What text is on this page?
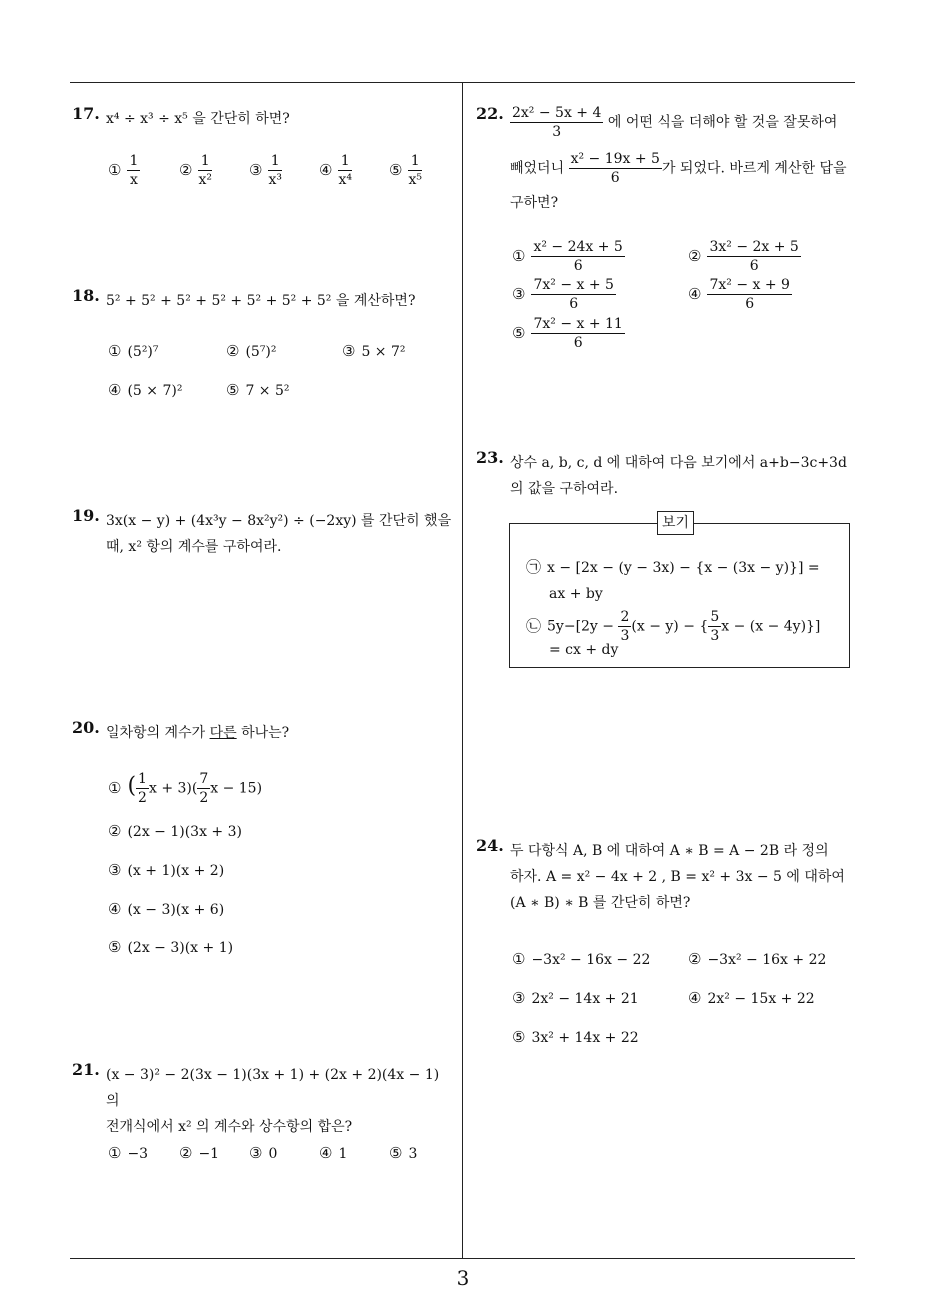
3
17. x⁴ ÷ x³ ÷ x⁵ 을 간단히 하면?
① $\frac{1}{x}$	② $\frac{1}{\text{x²}}$ ③ $\frac{1}{\text{x³}}$ ④ $\frac{1}{\text{x⁴}}$ ⑤ $\frac{1}{\text{x⁵}}$
18. 5² + 5² + 5² + 5² + 5² + 5² + 5² 을 계산하면?
① (5²)⁷	② (5⁷)²	③ 5 × 7²
④ (5 × 7)²	⑤ 7 × 5²
19. 3x(x − y) + (4x³y − 8x²y²) ÷ (−2xy) 를 간단히 했을
때, x² 항의 계수를 구하여라.
20. 일차항의 계수가 다른 하나는?
① ( $\frac{1}{2}$ $x + 3)( \frac{7}{2}$ x − 15)
② (2x − 1)(3x + 3)
③ (x + 1)(x + 2)
④ (x − 3)(x + 6)
⑤ (2x − 3)(x + 1)
21. (x − 3)² − 2(3x − 1)(3x + 1) + (2x + 2)(4x − 1) 의
전개식에서 x² 의 계수와 상수항의 합은?
① −3 ② −1 ③ 0	④ 1	⑤ 3
22. $\frac{\text{2x² − 5x + 4}}{3}$ 에 어떤 식을 더해야 할 것을 잘못하여
빼었더니 $\frac{\text{x² − 19x + 5}}{6}$ 가 되었다. 바르게 계산한 답을
구하면?
① $\frac{\text{x² − 24x + 5}}{6}$	② $\frac{\text{3x² − 2x + 5}}{6}$
③ $\frac{\text{7x² − x + 5}}{6}$	④ $\frac{\text{7x² − x + 9}}{6}$
⑤ $\frac{\text{7x² − x + 11}}{6}$
23. 상수 a, b, c, d 에 대하여 다음 보기에서 a+b−3c+3d
의 값을 구하여라.
㉠ x − [2x − (y − 3x) − {x − (3x − y)}] =
ax + by
㉡ $5y-[2y - \frac{2}{3} (x - y)$ − { $\frac{5}{3}$ x − (x − 4y)}]
= cx + dy
보기
24. 두 다항식 A, B 에 대하여 A ∗ B = A − 2B 라 정의
하자. A = x² − 4x + 2 , B = x² + 3x − 5 에 대하여
(A ∗ B) ∗ B 를 간단히 하면?
① −3x² − 16x − 22	② −3x² − 16x + 22
③ 2x² − 14x + 21	④ 2x² − 15x + 22
⑤ 3x² + 14x + 22
